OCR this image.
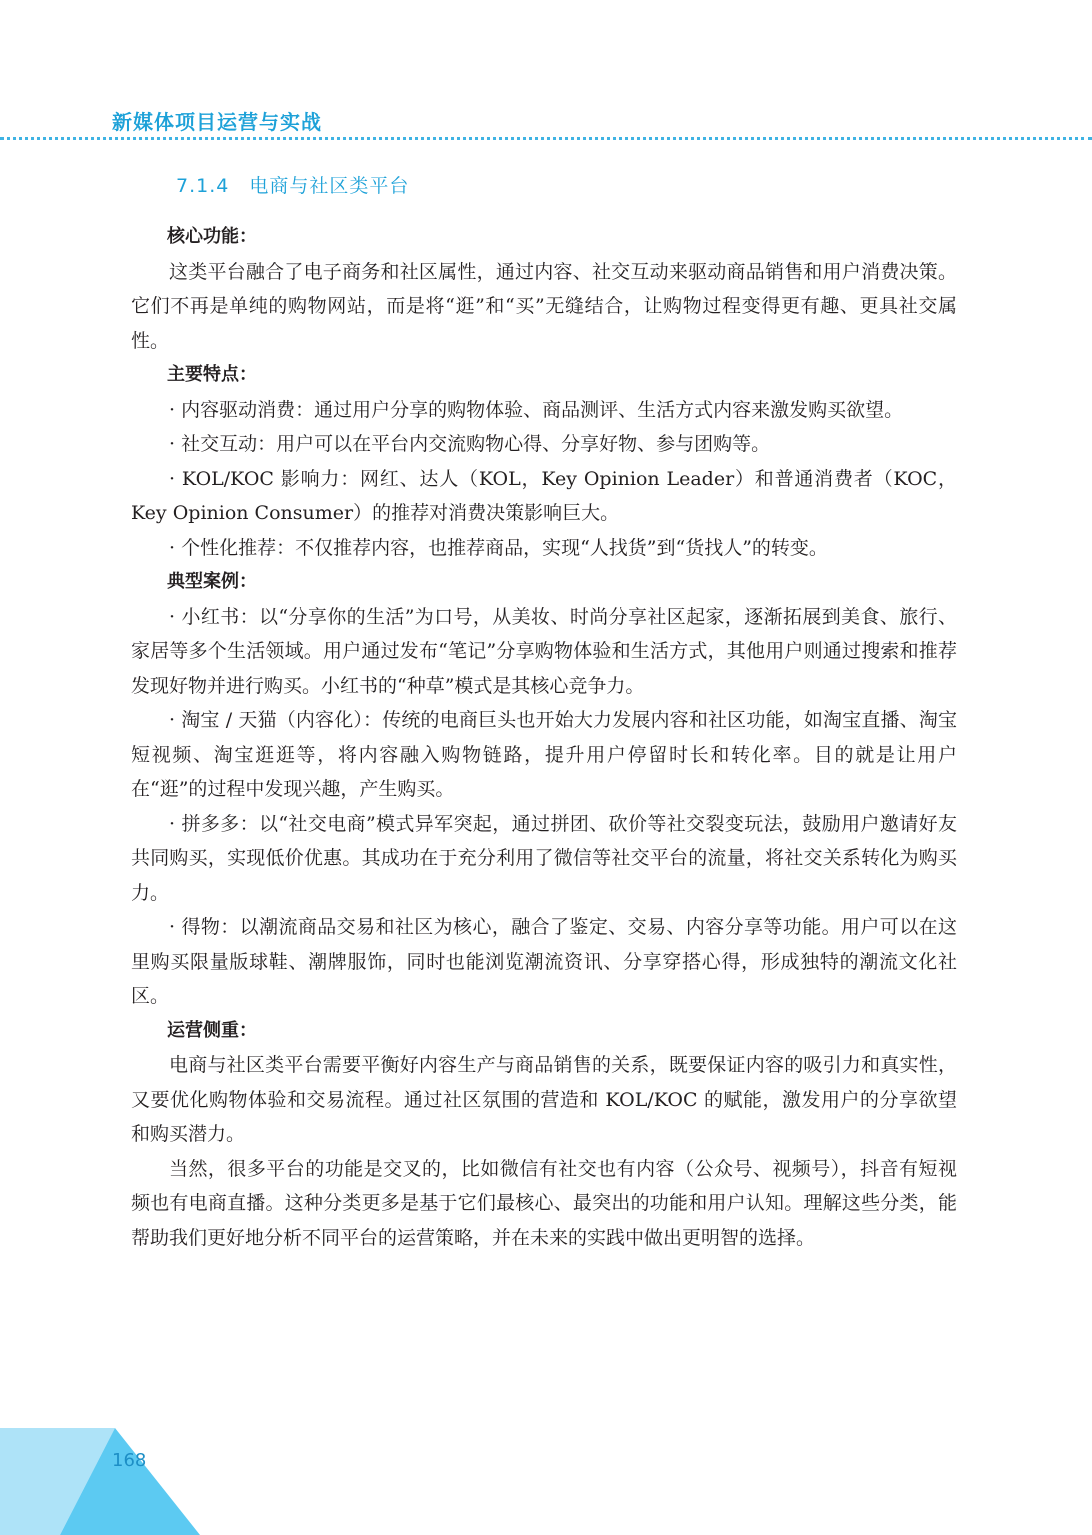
新媒体项目运营与实战
7.1.4 电商与社区类平台

核心功能：

这类平台融合了电子商务和社区属性，通过内容、社交互动来驱动商品销售和用户消费决策。它们不再是单纯的购物网站，而是将“逛”和“买”无缝结合，让购物过程变得更有趣、更具社交属性。

主要特点：

· 内容驱动消费：通过用户分享的购物体验、商品测评、生活方式内容来激发购买欲望。

· 社交互动：用户可以在平台内交流购物心得、分享好物、参与团购等。

· KOL/KOC 影响力：网红、达人（KOL，Key Opinion Leader）和普通消费者（KOC，Key Opinion Consumer）的推荐对消费决策影响巨大。

· 个性化推荐：不仅推荐内容，也推荐商品，实现“人找货”到“货找人”的转变。

典型案例：

· 小红书：以“分享你的生活”为口号，从美妆、时尚分享社区起家，逐渐拓展到美食、旅行、家居等多个生活领域。用户通过发布“笔记”分享购物体验和生活方式，其他用户则通过搜索和推荐发现好物并进行购买。小红书的“种草”模式是其核心竞争力。

· 淘宝 / 天猫（内容化）：传统的电商巨头也开始大力发展内容和社区功能，如淘宝直播、淘宝短视频、淘宝逛逛等，将内容融入购物链路，提升用户停留时长和转化率。目的就是让用户在“逛”的过程中发现兴趣，产生购买。

· 拼多多：以“社交电商”模式异军突起，通过拼团、砍价等社交裂变玩法，鼓励用户邀请好友共同购买，实现低价优惠。其成功在于充分利用了微信等社交平台的流量，将社交关系转化为购买力。

· 得物：以潮流商品交易和社区为核心，融合了鉴定、交易、内容分享等功能。用户可以在这里购买限量版球鞋、潮牌服饰，同时也能浏览潮流资讯、分享穿搭心得，形成独特的潮流文化社区。

运营侧重：

电商与社区类平台需要平衡好内容生产与商品销售的关系，既要保证内容的吸引力和真实性，又要优化购物体验和交易流程。通过社区氛围的营造和 KOL/KOC 的赋能，激发用户的分享欲望和购买潜力。

当然，很多平台的功能是交叉的，比如微信有社交也有内容（公众号、视频号），抖音有短视频也有电商直播。这种分类更多是基于它们最核心、最突出的功能和用户认知。理解这些分类，能帮助我们更好地分析不同平台的运营策略，并在未来的实践中做出更明智的选择。

168
